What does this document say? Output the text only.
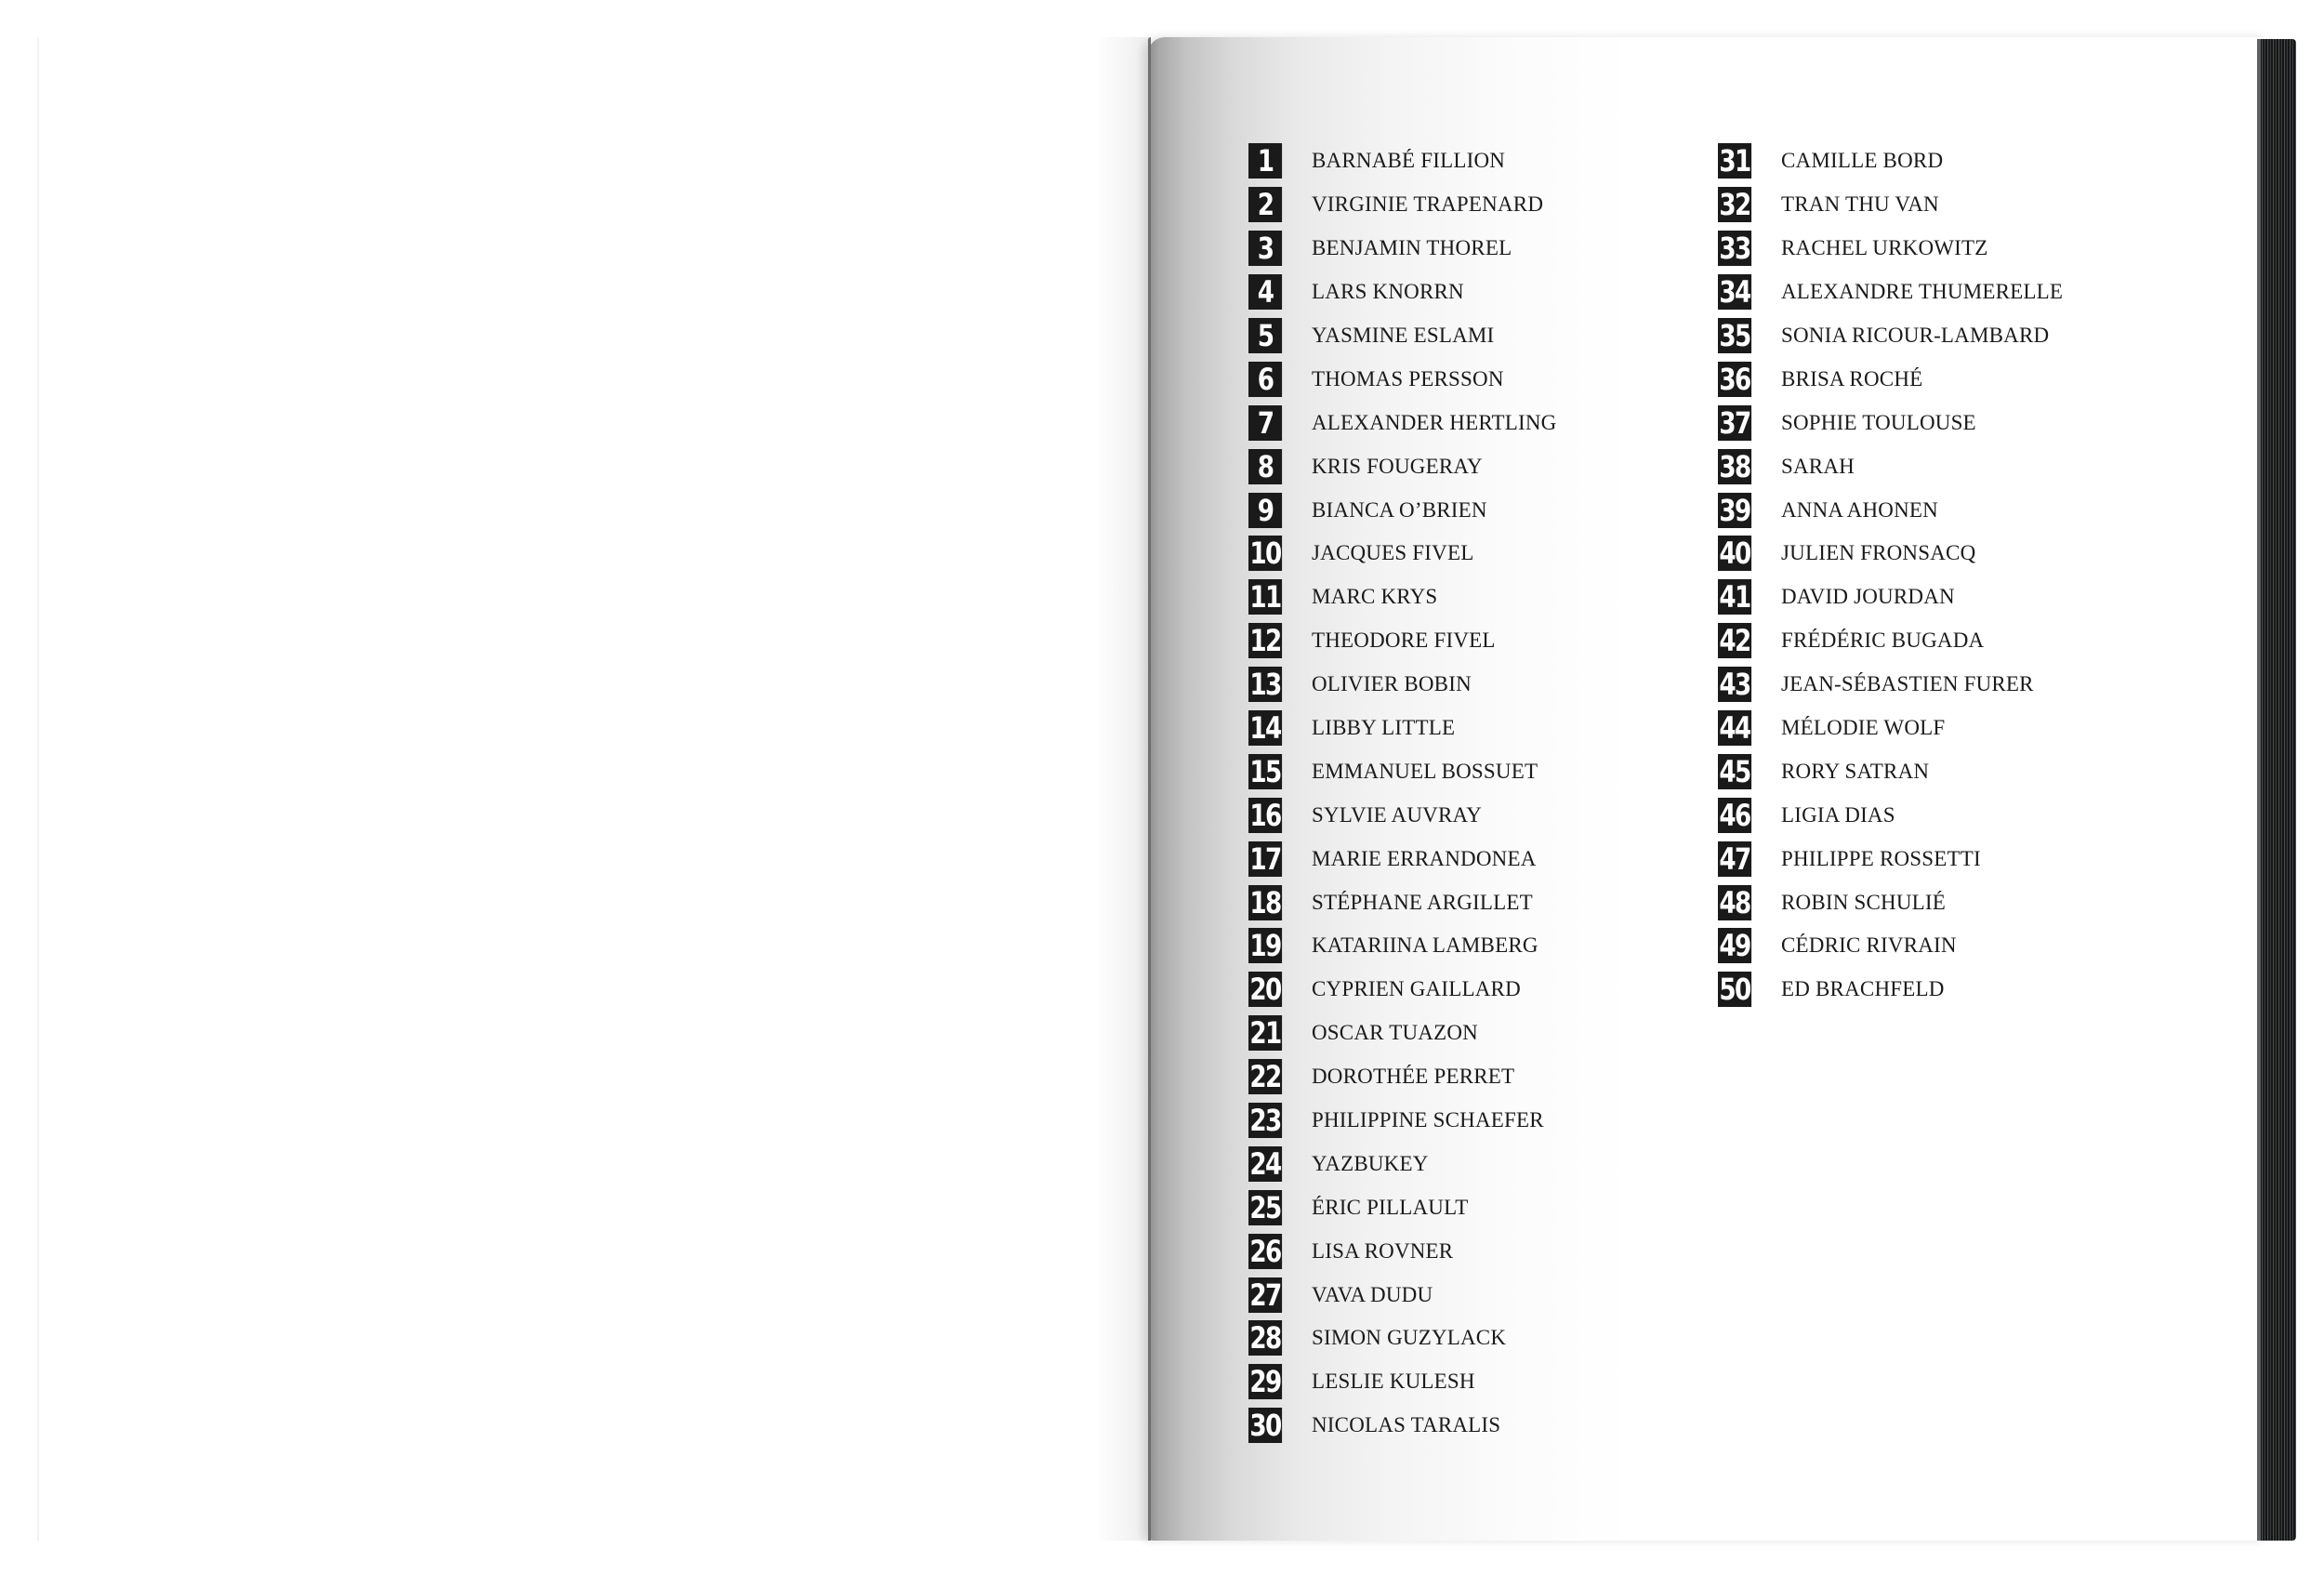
1	BARNABÉ FILLION
2	VIRGINIE TRAPENARD
3	BENJAMIN THOREL
4	LARS KNORRN
5	YASMINE ESLAMI
6	THOMAS PERSSON
7	ALEXANDER HERTLING
8	KRIS FOUGERAY
9	BIANCA O’BRIEN
10 JACQUES FIVEL
11 MARC KRYS
12 THEODORE FIVEL
13 OLIVIER BOBIN
14 LIBBY LITTLE
15 EMMANUEL BOSSUET
16 SYLVIE AUVRAY
17 MARIE ERRANDONEA
18 STÉPHANE ARGILLET
19 KATARIINA LAMBERG
20 CYPRIEN GAILLARD
21 OSCAR TUAZON
22 DOROTHÉE PERRET
23 PHILIPPINE SCHAEFER
24 YAZBUKEY
25 ÉRIC PILLAULT
26 LISA ROVNER
27 VAVA DUDU
28 SIMON GUZYLACK
29 LESLIE KULESH
30 NICOLAS TARALIS
31 CAMILLE BORD
32 TRAN THU VAN
33 RACHEL URKOWITZ
34 ALEXANDRE THUMERELLE
35 SONIA RICOUR-LAMBARD
36 BRISA ROCHÉ
37 SOPHIE TOULOUSE
38 SARAH
39 ANNA AHONEN
40 JULIEN FRONSACQ
41 DAVID JOURDAN
42 FRÉDÉRIC BUGADA
43 JEAN-SÉBASTIEN FURER
44 MÉLODIE WOLF
45 RORY SATRAN
46 LIGIA DIAS
47 PHILIPPE ROSSETTI
48 ROBIN SCHULIÉ
49 CÉDRIC RIVRAIN
50 ED BRACHFELD
